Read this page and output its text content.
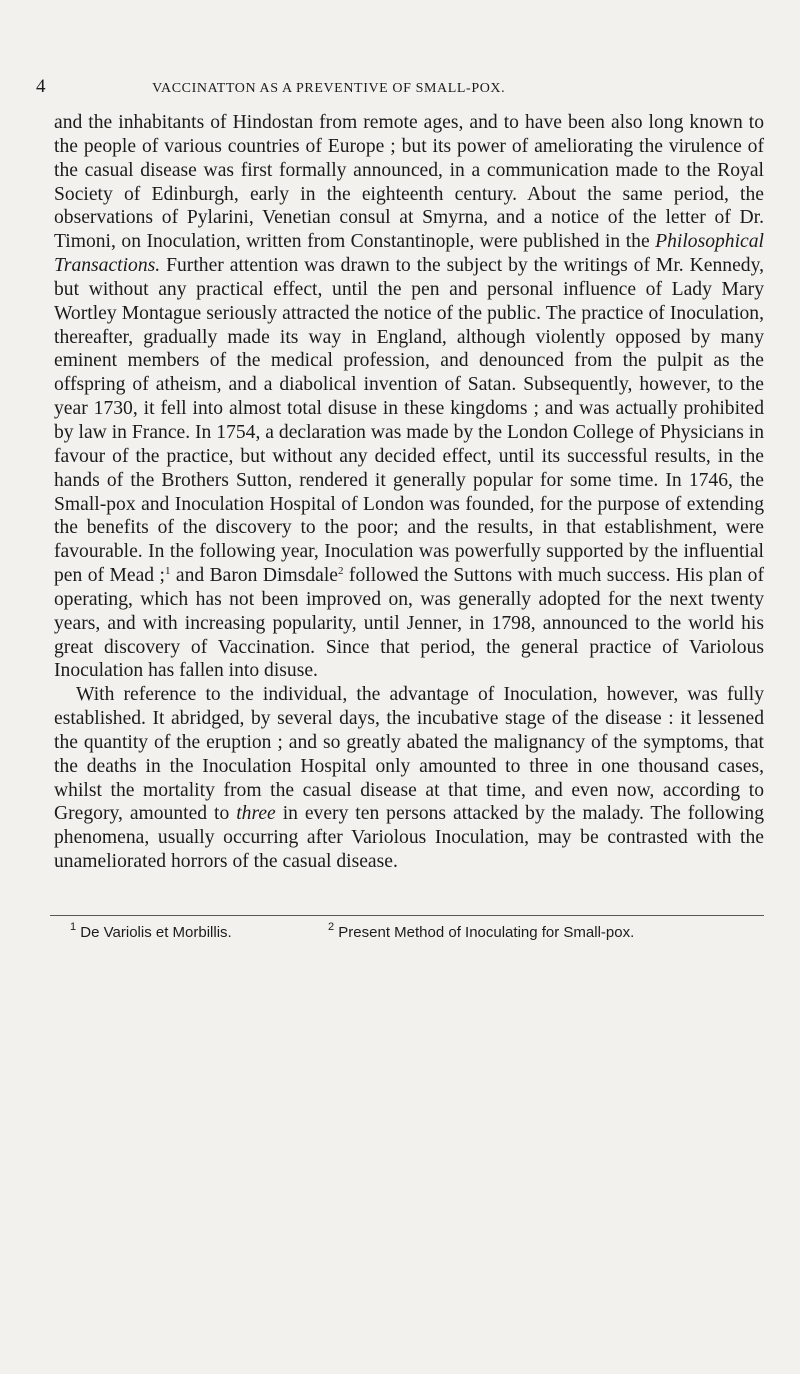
4	VACCINATTON AS A PREVENTIVE OF SMALL-POX.

and the inhabitants of Hindostan from remote ages, and to have been also long known to the people of various countries of Europe ; but its power of ameliorating the virulence of the casual disease was first formally announced, in a communication made to the Royal Society of Edinburgh, early in the eighteenth century. About the same period, the observations of Pylarini, Venetian consul at Smyrna, and a notice of the letter of Dr. Timoni, on Inoculation, written from Constantinople, were published in the Philosophical Transactions. Further attention was drawn to the subject by the writings of Mr. Kennedy, but without any practical effect, until the pen and personal influence of Lady Mary Wortley Montague seriously attracted the notice of the public. The practice of Inoculation, thereafter, gradually made its way in England, although violently opposed by many eminent members of the medical profession, and denounced from the pulpit as the offspring of atheism, and a diabolical invention of Satan. Subsequently, however, to the year 1730, it fell into almost total disuse in these kingdoms ; and was actually prohibited by law in France. In 1754, a declaration was made by the London College of Physicians in favour of the practice, but without any decided effect, until its successful results, in the hands of the Brothers Sutton, rendered it generally popular for some time. In 1746, the Small-pox and Inoculation Hospital of London was founded, for the purpose of extending the benefits of the discovery to the poor; and the results, in that establishment, were favourable. In the following year, Inoculation was powerfully supported by the influential pen of Mead ;$^1$ and Baron Dimsdale$^2$ followed the Suttons with much success. His plan of operating, which has not been improved on, was generally adopted for the next twenty years, and with increasing popularity, until Jenner, in 1798, announced to the world his great discovery of Vaccination. Since that period, the general practice of Variolous Inoculation has fallen into disuse.

With reference to the individual, the advantage of Inoculation, however, was fully established. It abridged, by several days, the incubative stage of the disease : it lessened the quantity of the eruption ; and so greatly abated the malignancy of the symptoms, that the deaths in the Inoculation Hospital only amounted to three in one thousand cases, whilst the mortality from the casual disease at that time, and even now, according to Gregory, amounted to three in every ten persons attacked by the malady. The following phenomena, usually occurring after Variolous Inoculation, may be contrasted with the unameliorated horrors of the casual disease.

$^1$ De Variolis et Morbillis.	$^2$ Present Method of Inoculating for Small-pox.
